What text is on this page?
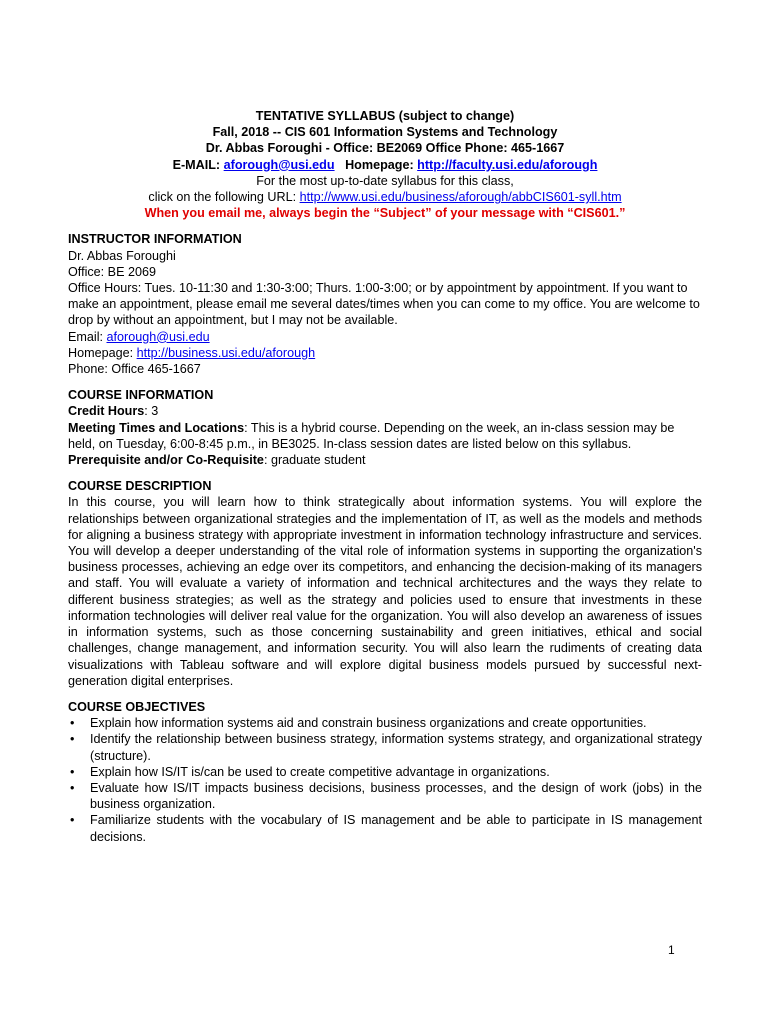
TENTATIVE SYLLABUS (subject to change)
Fall, 2018 -- CIS 601 Information Systems and Technology
Dr. Abbas Foroughi - Office: BE2069 Office Phone: 465-1667
E-MAIL: aforough@usi.edu Homepage: http://faculty.usi.edu/aforough
For the most up-to-date syllabus for this class,
click on the following URL: http://www.usi.edu/business/aforough/abbCIS601-syll.htm
When you email me, always begin the “Subject” of your message with “CIS601.”
INSTRUCTOR INFORMATION
Dr. Abbas Foroughi
Office: BE 2069
Office Hours: Tues. 10-11:30 and 1:30-3:00; Thurs. 1:00-3:00; or by appointment by appointment. If you want to make an appointment, please email me several dates/times when you can come to my office. You are welcome to drop by without an appointment, but I may not be available.
Email: aforough@usi.edu
Homepage: http://business.usi.edu/aforough
Phone: Office 465-1667
COURSE INFORMATION
Credit Hours: 3
Meeting Times and Locations: This is a hybrid course. Depending on the week, an in-class session may be held, on Tuesday, 6:00-8:45 p.m., in BE3025. In-class session dates are listed below on this syllabus.
Prerequisite and/or Co-Requisite: graduate student
COURSE DESCRIPTION
In this course, you will learn how to think strategically about information systems. You will explore the relationships between organizational strategies and the implementation of IT, as well as the models and methods for aligning a business strategy with appropriate investment in information technology infrastructure and services. You will develop a deeper understanding of the vital role of information systems in supporting the organization's business processes, achieving an edge over its competitors, and enhancing the decision-making of its managers and staff. You will evaluate a variety of information and technical architectures and the ways they relate to different business strategies; as well as the strategy and policies used to ensure that investments in these information technologies will deliver real value for the organization. You will also develop an awareness of issues in information systems, such as those concerning sustainability and green initiatives, ethical and social challenges, change management, and information security. You will also learn the rudiments of creating data visualizations with Tableau software and will explore digital business models pursued by successful next-generation digital enterprises.
COURSE OBJECTIVES
• Explain how information systems aid and constrain business organizations and create opportunities.
• Identify the relationship between business strategy, information systems strategy, and organizational strategy (structure).
• Explain how IS/IT is/can be used to create competitive advantage in organizations.
• Evaluate how IS/IT impacts business decisions, business processes, and the design of work (jobs) in the business organization.
• Familiarize students with the vocabulary of IS management and be able to participate in IS management decisions.
1
